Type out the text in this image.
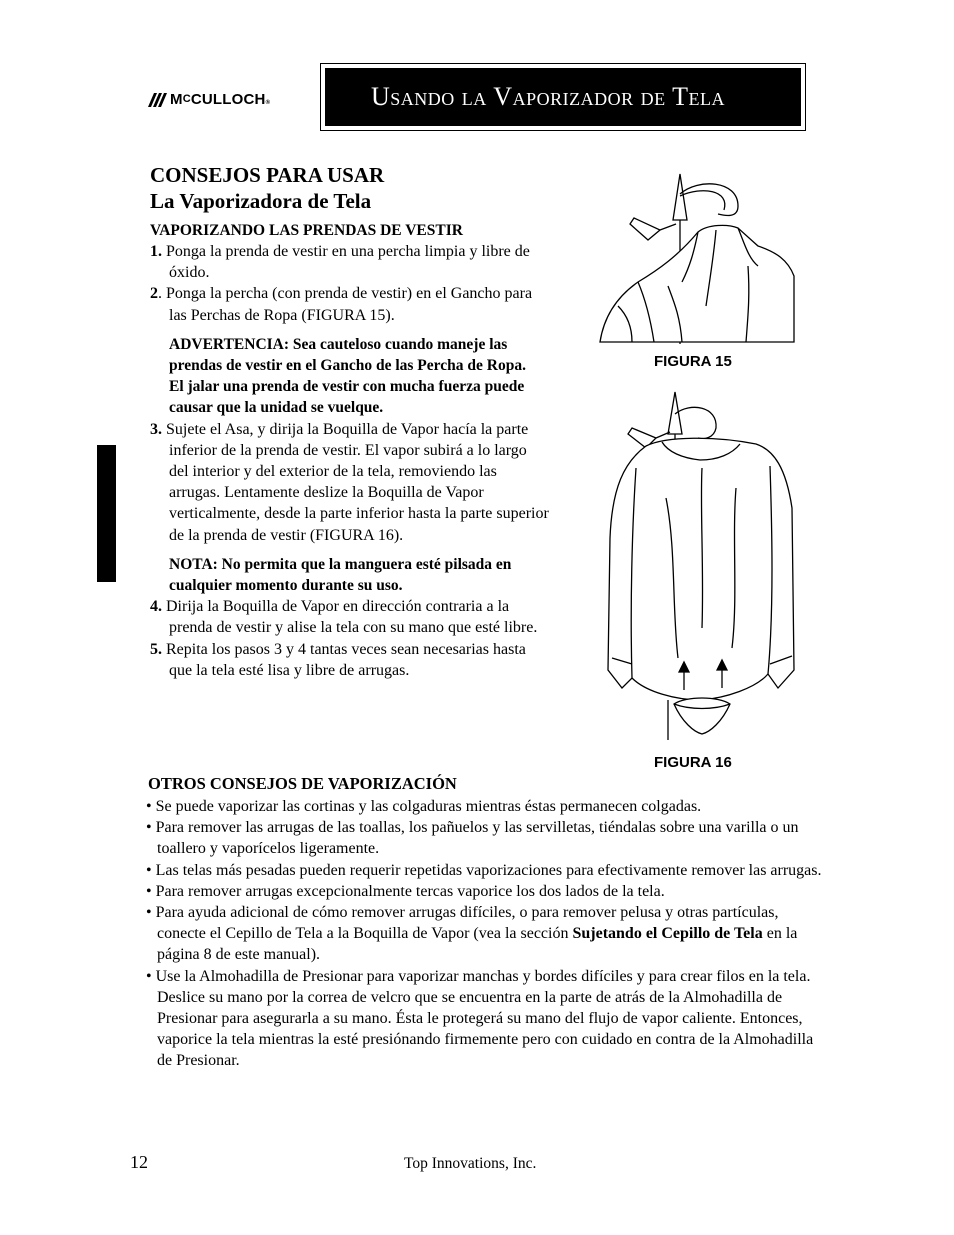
MCCULLOCH®	Usando la Vaporizador de Tela
CONSEJOS PARA USAR
La Vaporizadora de Tela
VAPORIZANDO LAS PRENDAS DE VESTIR
1. Ponga la prenda de vestir en una percha limpia y libre de
óxido.
2. Ponga la percha (con prenda de vestir) en el Gancho para
las Perchas de Ropa (FIGURA 15).
ADVERTENCIA: Sea cauteloso cuando maneje las
prendas de vestir en el Gancho de las Percha de Ropa.
El jalar una prenda de vestir con mucha fuerza puede
causar que la unidad se vuelque.
3. Sujete el Asa, y dirija la Boquilla de Vapor hacía la parte
inferior de la prenda de vestir. El vapor subirá a lo largo
del interior y del exterior de la tela, removiendo las
arrugas. Lentamente deslize la Boquilla de Vapor
verticalmente, desde la parte inferior hasta la parte superior
de la prenda de vestir (FIGURA 16).
NOTA: No permita que la manguera esté pilsada en
cualquier momento durante su uso.
4. Dirija la Boquilla de Vapor en dirección contraria a la
prenda de vestir y alise la tela con su mano que esté libre.
5. Repita los pasos 3 y 4 tantas veces sean necesarias hasta
que la tela esté lisa y libre de arrugas.
FIGURA 15
FIGURA 16
OTROS CONSEJOS DE VAPORIZACIÓN
• Se puede vaporizar las cortinas y las colgaduras mientras éstas permanecen colgadas.
• Para remover las arrugas de las toallas, los pañuelos y las servilletas, tiéndalas sobre una varilla o un toallero y vaporícelos ligeramente.
• Las telas más pesadas pueden requerir repetidas vaporizaciones para efectivamente remover las arrugas.
• Para remover arrugas excepcionalmente tercas vaporice los dos lados de la tela.
• Para ayuda adicional de cómo remover arrugas difíciles, o para remover pelusa y otras partículas, conecte el Cepillo de Tela a la Boquilla de Vapor (vea la sección Sujetando el Cepillo de Tela en la página 8 de este manual).
• Use la Almohadilla de Presionar para vaporizar manchas y bordes difíciles y para crear filos en la tela. Deslice su mano por la correa de velcro que se encuentra en la parte de atrás de la Almohadilla de Presionar para asegurarla a su mano. Ésta le protegerá su mano del flujo de vapor caliente. Entonces, vaporice la tela mientras la esté presiónando firmemente pero con cuidado en contra de la Almohadilla de Presionar.
12	Top Innovations, Inc.
